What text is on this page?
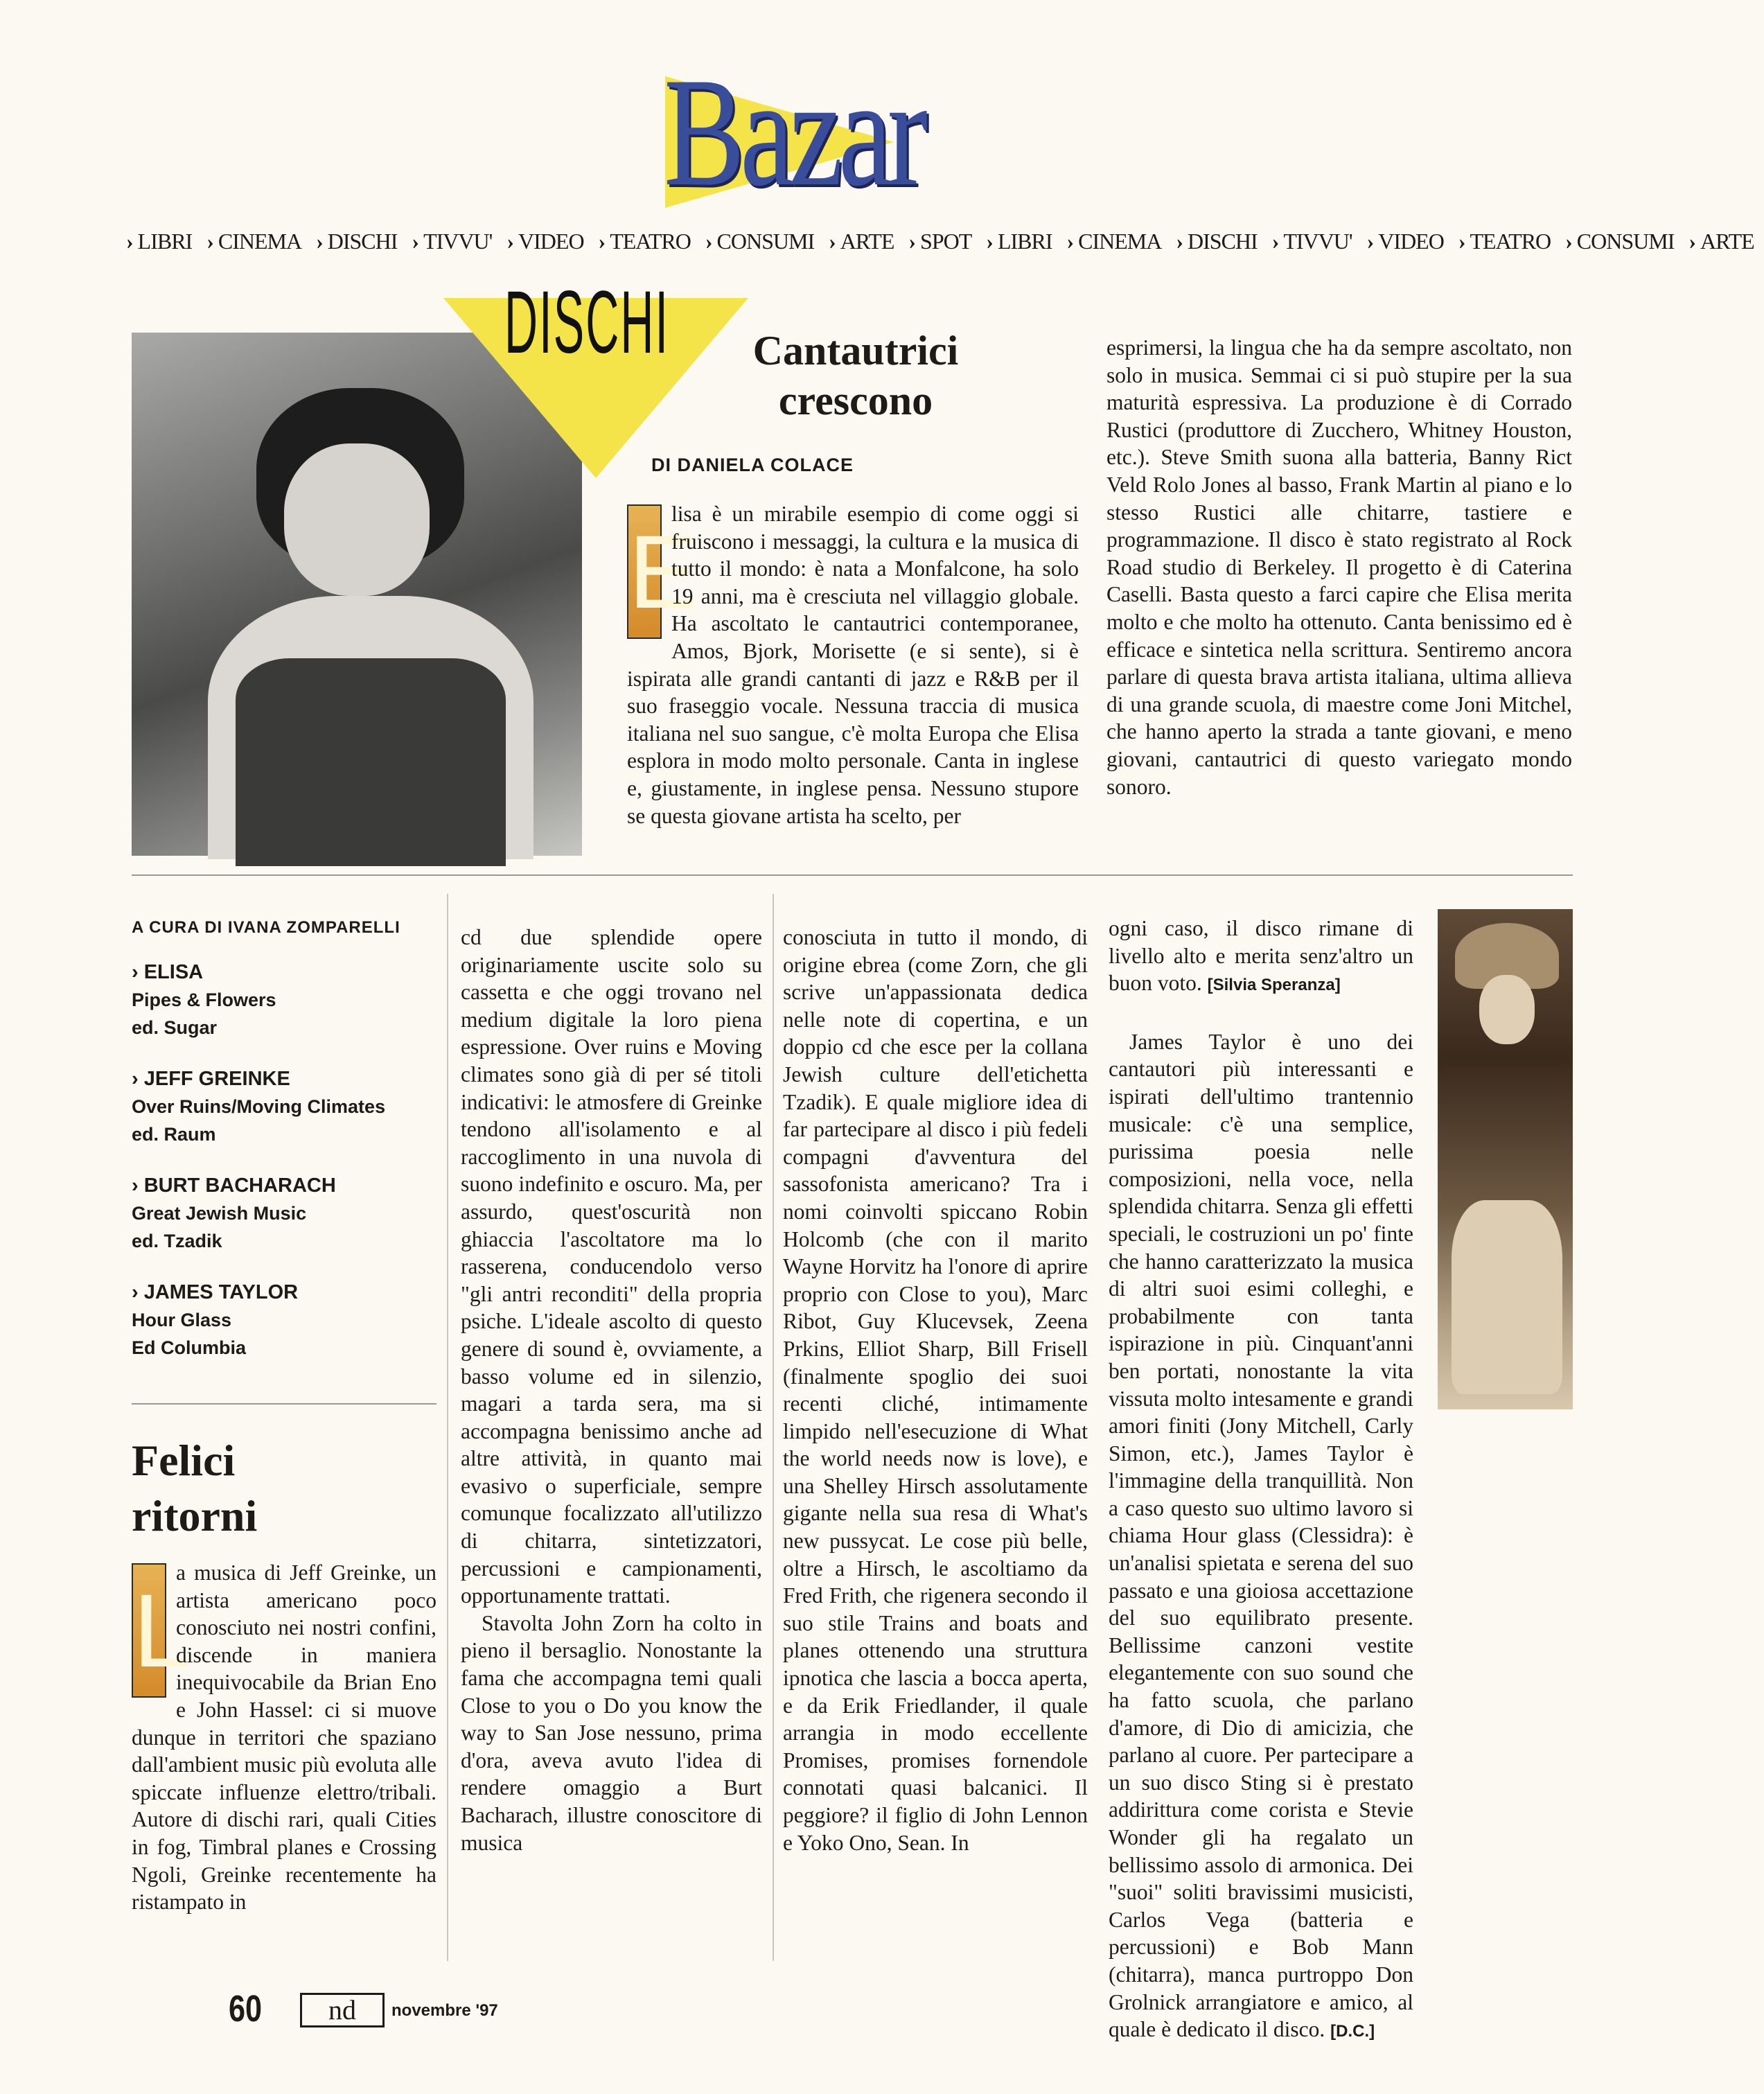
Bazar
› LIBRI › CINEMA › DISCHI › TIVVU' › VIDEO › TEATRO › CONSUMI › ARTE › SPOT › LIBRI › CINEMA › DISCHI › TIVVU' › VIDEO › TEATRO › CONSUMI › ARTE
DISCHI	Cantautrici
crescono
DI DANIELA COLACE
E

lisa è un mirabile esempio di come oggi si fruiscono i messaggi, la cultura e la musica di tutto il mondo: è nata a Monfalcone, ha solo 19 anni, ma è cresciuta nel villaggio globale. Ha ascoltato le cantautrici contemporanee, Amos, Bjork, Morisette (e si sente), si è ispirata alle grandi cantanti di jazz e R&B per il suo fraseggio vocale. Nessuna traccia di musica italiana nel suo sangue, c'è molta Europa che Elisa esplora in modo molto personale. Canta in inglese e, giustamente, in inglese pensa. Nessuno stupore se questa giovane artista ha scelto, per

esprimersi, la lingua che ha da sempre ascoltato, non solo in musica. Semmai ci si può stupire per la sua maturità espressiva. La produzione è di Corrado Rustici (produttore di Zucchero, Whitney Houston, etc.). Steve Smith suona alla batteria, Banny Rict Veld Rolo Jones al basso, Frank Martin al piano e lo stesso Rustici alle chitarre, tastiere e programmazione. Il disco è stato registrato al Rock Road studio di Berkeley. Il progetto è di Caterina Caselli. Basta questo a farci capire che Elisa merita molto e che molto ha ottenuto. Canta benissimo ed è efficace e sintetica nella scrittura. Sentiremo ancora parlare di questa brava artista italiana, ultima allieva di una grande scuola, di maestre come Joni Mitchel, che hanno aperto la strada a tante giovani, e meno giovani, cantautrici di questo variegato mondo sonoro.

A CURA DI IVANA ZOMPARELLI
› ELISA
Pipes & Flowers
ed. Sugar
› JEFF GREINKE
Over Ruins/Moving Climates
ed. Raum
› BURT BACHARACH
Great Jewish Music
ed. Tzadik
› JAMES TAYLOR
Hour Glass
Ed Columbia
Felici
ritorni
L

a musica di Jeff Greinke, un artista americano poco conosciuto nei nostri confini, discende in maniera inequivocabile da Brian Eno e John Hassel: ci si muove dunque in territori che spaziano dall'ambient music più evoluta alle spiccate influenze elettro/tribali. Autore di dischi rari, quali Cities in fog, Timbral planes e Crossing Ngoli, Greinke recentemente ha ristampato in

cd due splendide opere originariamente uscite solo su cassetta e che oggi trovano nel medium digitale la loro piena espressione. Over ruins e Moving climates sono già di per sé titoli indicativi: le atmosfere di Greinke tendono all'isolamento e al raccoglimento in una nuvola di suono indefinito e oscuro. Ma, per assurdo, quest'oscurità non ghiaccia l'ascoltatore ma lo rasserena, conducendolo verso "gli antri reconditi" della propria psiche. L'ideale ascolto di questo genere di sound è, ovviamente, a basso volume ed in silenzio, magari a tarda sera, ma si accompagna benissimo anche ad altre attività, in quanto mai evasivo o superficiale, sempre comunque focalizzato all'utilizzo di chitarra, sintetizzatori, percussioni e campionamenti, opportunamente trattati.

Stavolta John Zorn ha colto in pieno il bersaglio. Nonostante la fama che accompagna temi quali Close to you o Do you know the way to San Jose nessuno, prima d'ora, aveva avuto l'idea di rendere omaggio a Burt Bacharach, illustre conoscitore di musica

conosciuta in tutto il mondo, di origine ebrea (come Zorn, che gli scrive un'appassionata dedica nelle note di copertina, e un doppio cd che esce per la collana Jewish culture dell'etichetta Tzadik). E quale migliore idea di far partecipare al disco i più fedeli compagni d'avventura del sassofonista americano? Tra i nomi coinvolti spiccano Robin Holcomb (che con il marito Wayne Horvitz ha l'onore di aprire proprio con Close to you), Marc Ribot, Guy Klucevsek, Zeena Prkins, Elliot Sharp, Bill Frisell (finalmente spoglio dei suoi recenti cliché, intimamente limpido nell'esecuzione di What the world needs now is love), e una Shelley Hirsch assolutamente gigante nella sua resa di What's new pussycat. Le cose più belle, oltre a Hirsch, le ascoltiamo da Fred Frith, che rigenera secondo il suo stile Trains and boats and planes ottenendo una struttura ipnotica che lascia a bocca aperta, e da Erik Friedlander, il quale arrangia in modo eccellente Promises, promises fornendole connotati quasi balcanici. Il peggiore? il figlio di John Lennon e Yoko Ono, Sean. In

ogni caso, il disco rimane di livello alto e merita senz'altro un buon voto. [Silvia Speranza]

James Taylor è uno dei cantautori più interessanti e ispirati dell'ultimo trantennio musicale: c'è una semplice, purissima poesia nelle composizioni, nella voce, nella splendida chitarra. Senza gli effetti speciali, le costruzioni un po' finte che hanno caratterizzato la musica di altri suoi esimi colleghi, e probabilmente con tanta ispirazione in più. Cinquant'anni ben portati, nonostante la vita vissuta molto intesamente e grandi amori finiti (Jony Mitchell, Carly Simon, etc.), James Taylor è l'immagine della tranquillità. Non a caso questo suo ultimo lavoro si chiama Hour glass (Clessidra): è un'analisi spietata e serena del suo passato e una gioiosa accettazione del suo equilibrato presente. Bellissime canzoni vestite elegantemente con suo sound che ha fatto scuola, che parlano d'amore, di Dio di amicizia, che parlano al cuore. Per partecipare a un suo disco Sting si è prestato addirittura come corista e Stevie Wonder gli ha regalato un bellissimo assolo di armonica. Dei "suoi" soliti bravissimi musicisti, Carlos Vega (batteria e percussioni) e Bob Mann (chitarra), manca purtroppo Don Grolnick arrangiatore e amico, al quale è dedicato il disco. [D.C.]

60	nd	novembre '97
